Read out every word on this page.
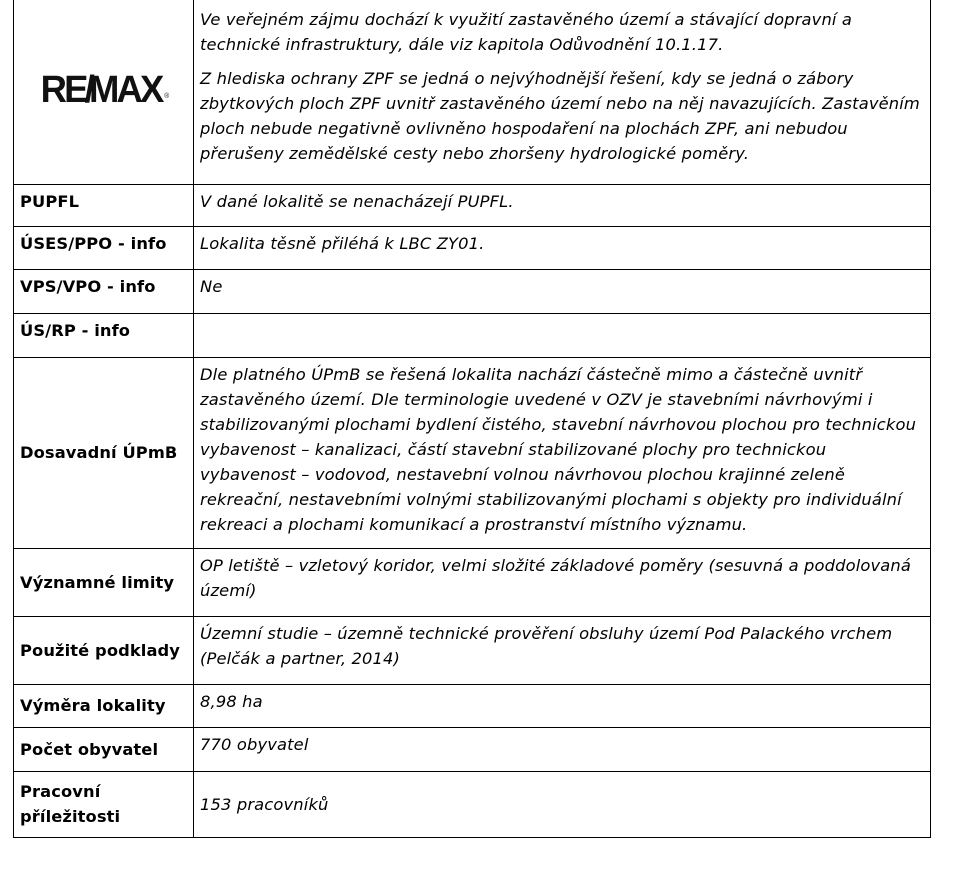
RE/MAX ®	Ve veřejném zájmu dochází k využití zastavěného území a stávající dopravní a technické infrastruktury, dále viz kapitola Odůvodnění 10.1.17.

Z hlediska ochrany ZPF se jedná o nejvýhodnější řešení, kdy se jedná o zábory zbytkových ploch ZPF uvnitř zastavěného území nebo na něj navazujících. Zastavěním ploch nebude negativně ovlivněno hospodaření na plochách ZPF, ani nebudou přerušeny zemědělské cesty nebo zhoršeny hydrologické poměry.

PUPFL	V dané lokalitě se nenacházejí PUPFL.
ÚSES/PPO - info	Lokalita těsně přiléhá k LBC ZY01.
VPS/VPO - info	Ne
ÚS/RP - info	
Dosavadní ÚPmB	Dle platného ÚPmB se řešená lokalita nachází částečně mimo a částečně uvnitř zastavěného území. Dle terminologie uvedené v OZV je stavebními návrhovými i stabilizovanými plochami bydlení čistého, stavební návrhovou plochou pro technickou vybavenost – kanalizaci, částí stavební stabilizované plochy pro technickou vybavenost – vodovod, nestavební volnou návrhovou plochou krajinné zeleně rekreační, nestavebními volnými stabilizovanými plochami s objekty pro individuální rekreaci a plochami komunikací a prostranství místního významu.
Významné limity	OP letiště – vzletový koridor, velmi složité základové poměry (sesuvná a poddolovaná území)
Použité podklady	Územní studie – územně technické prověření obsluhy území Pod Palackého vrchem (Pelčák a partner, 2014)
Výměra lokality	8,98 ha
Počet obyvatel	770 obyvatel
Pracovní příležitosti	153 pracovníků
